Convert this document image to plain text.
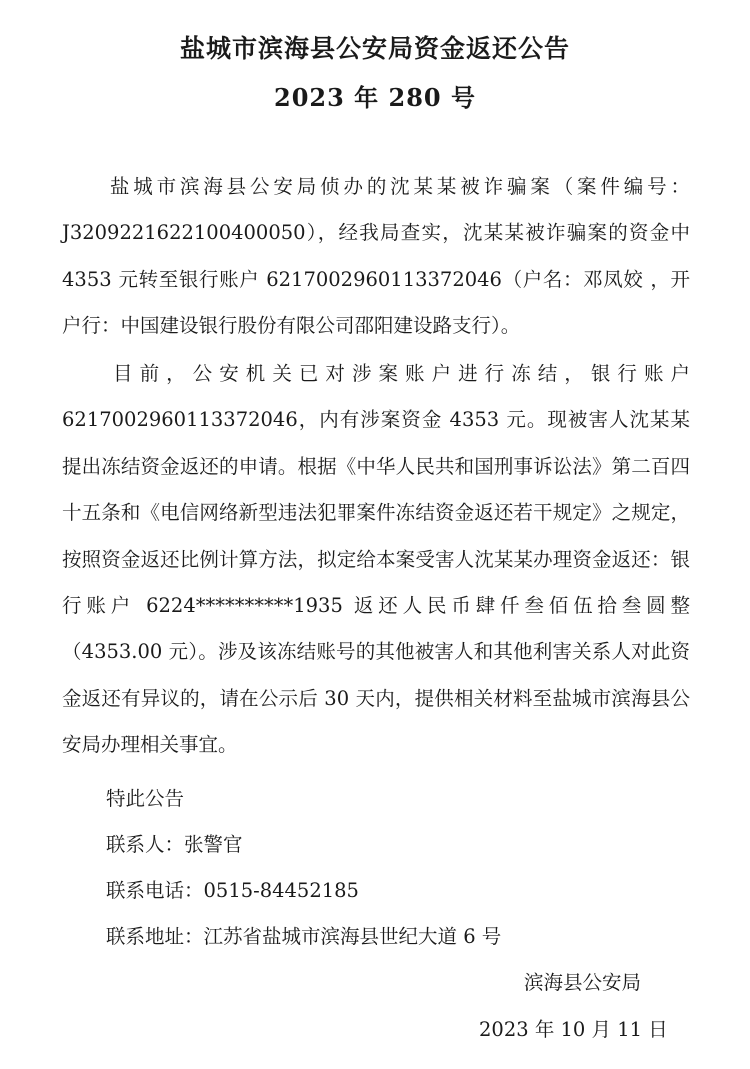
盐城市滨海县公安局资金返还公告
2023 年 280 号
盐城市滨海县公安局侦办的沈某某被诈骗案（案件编号：J3209221622100400050），经我局查实，沈某某被诈骗案的资金中4353 元转至银行账户 6217002960113372046（户名：邓凤姣 ，开户行：中国建设银行股份有限公司邵阳建设路支行）。
目前，公安机关已对涉案账户进行冻结，银行账户6217002960113372046，内有涉案资金 4353 元。现被害人沈某某提出冻结资金返还的申请。根据《中华人民共和国刑事诉讼法》第二百四十五条和《电信网络新型违法犯罪案件冻结资金返还若干规定》之规定，按照资金返还比例计算方法，拟定给本案受害人沈某某办理资金返还：银行账户 6224**********1935 返还人民币肆仟叁佰伍拾叁圆整（4353.00 元）。涉及该冻结账号的其他被害人和其他利害关系人对此资金返还有异议的，请在公示后 30 天内，提供相关材料至盐城市滨海县公安局办理相关事宜。
特此公告
联系人：张警官
联系电话：0515-84452185
联系地址：江苏省盐城市滨海县世纪大道 6 号
滨海县公安局
2023 年 10 月 11 日
